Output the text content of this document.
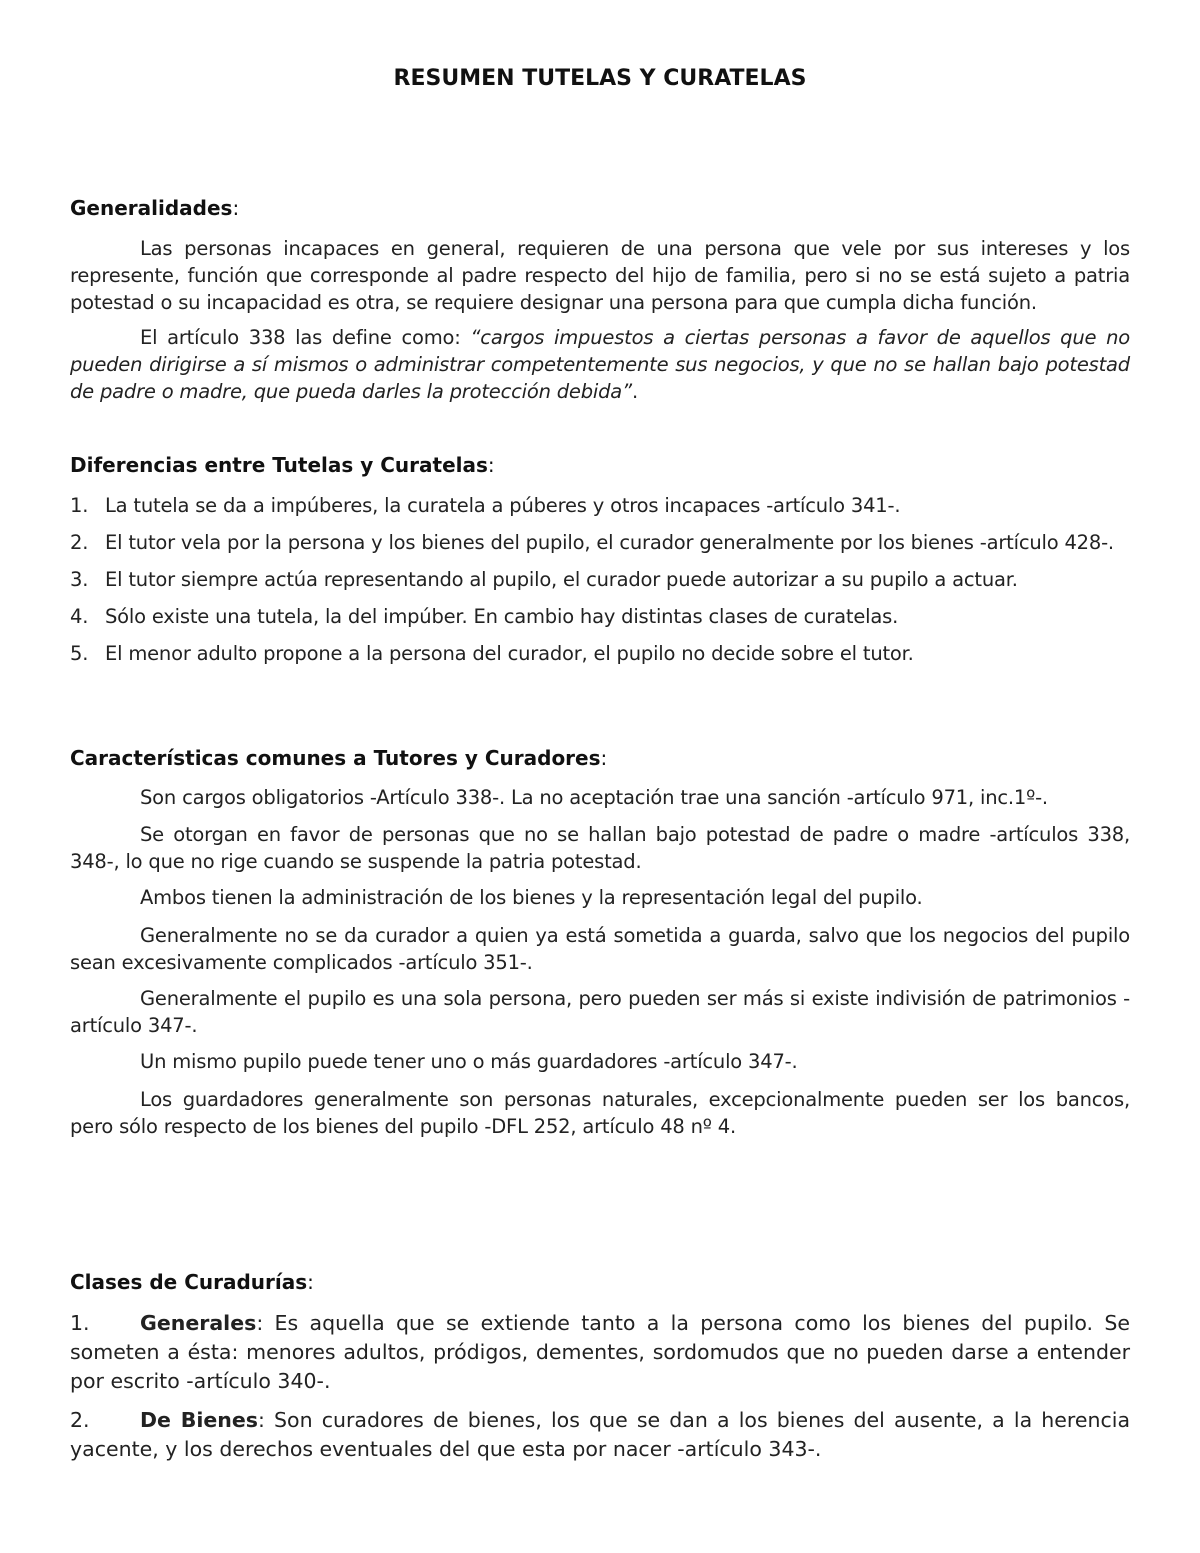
RESUMEN TUTELAS Y CURATELAS
Generalidades:

Las personas incapaces en general, requieren de una persona que vele por sus intereses y los represente, función que corresponde al padre respecto del hijo de familia, pero si no se está sujeto a patria potestad o su incapacidad es otra, se requiere designar una persona para que cumpla dicha función.

El artículo 338 las define como: “cargos impuestos a ciertas personas a favor de aquellos que no pueden dirigirse a sí mismos o administrar competentemente sus negocios, y que no se hallan bajo potestad de padre o madre, que pueda darles la protección debida”.

Diferencias entre Tutelas y Curatelas:
1. La tutela se da a impúberes, la curatela a púberes y otros incapaces -artículo 341-.
2. El tutor vela por la persona y los bienes del pupilo, el curador generalmente por los bienes -artículo 428-.
3. El tutor siempre actúa representando al pupilo, el curador puede autorizar a su pupilo a actuar.
4. Sólo existe una tutela, la del impúber. En cambio hay distintas clases de curatelas.
5. El menor adulto propone a la persona del curador, el pupilo no decide sobre el tutor.
Características comunes a Tutores y Curadores:

Son cargos obligatorios -Artículo 338-. La no aceptación trae una sanción -artículo 971, inc.1º-.

Se otorgan en favor de personas que no se hallan bajo potestad de padre o madre -artículos 338, 348-, lo que no rige cuando se suspende la patria potestad.

Ambos tienen la administración de los bienes y la representación legal del pupilo.

Generalmente no se da curador a quien ya está sometida a guarda, salvo que los negocios del pupilo sean excesivamente complicados -artículo 351-.

Generalmente el pupilo es una sola persona, pero pueden ser más si existe indivisión de patrimonios -artículo 347-.

Un mismo pupilo puede tener uno o más guardadores -artículo 347-.

Los guardadores generalmente son personas naturales, excepcionalmente pueden ser los bancos, pero sólo respecto de los bienes del pupilo -DFL 252, artículo 48 nº 4.

Clases de Curadurías:
1. Generales: Es aquella que se extiende tanto a la persona como los bienes del pupilo. Se someten a ésta: menores adultos, pródigos, dementes, sordomudos que no pueden darse a entender por escrito -artículo 340-.
2. De Bienes: Son curadores de bienes, los que se dan a los bienes del ausente, a la herencia yacente, y los derechos eventuales del que esta por nacer -artículo 343-.
